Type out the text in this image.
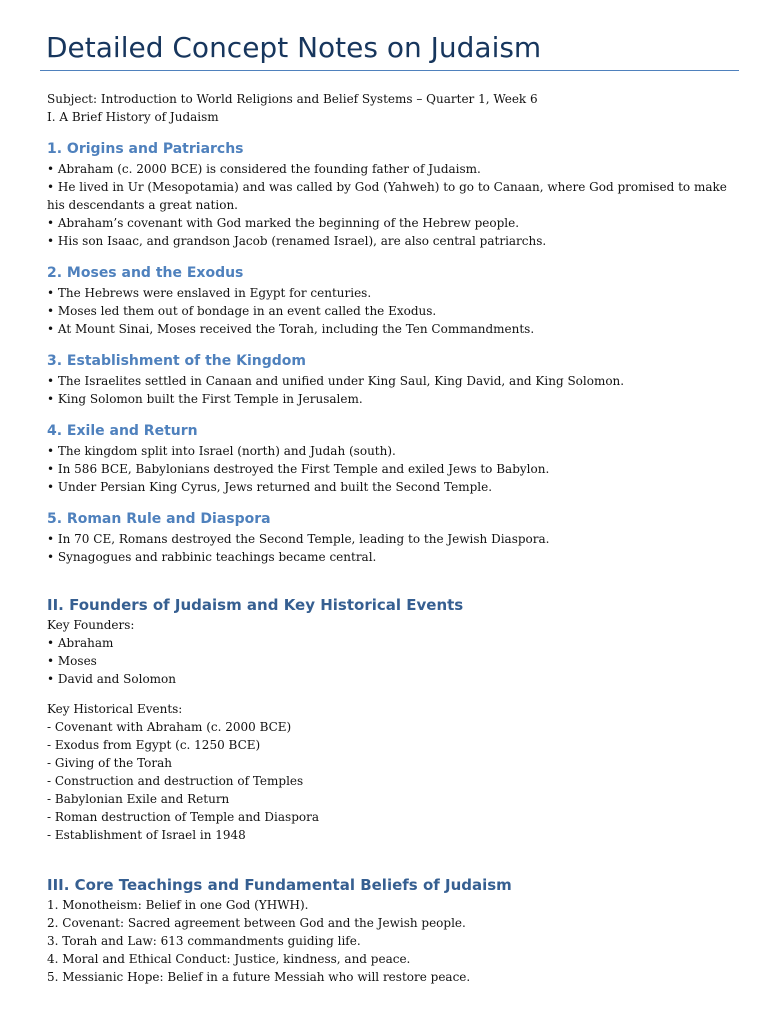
Detailed Concept Notes on Judaism

Subject: Introduction to World Religions and Belief Systems – Quarter 1, Week 6

I. A Brief History of Judaism

1. Origins and Patriarchs
• Abraham (c. 2000 BCE) is considered the founding father of Judaism.
• He lived in Ur (Mesopotamia) and was called by God (Yahweh) to go to Canaan, where God promised to make his descendants a great nation.
• Abraham’s covenant with God marked the beginning of the Hebrew people.
• His son Isaac, and grandson Jacob (renamed Israel), are also central patriarchs.
2. Moses and the Exodus
• The Hebrews were enslaved in Egypt for centuries.
• Moses led them out of bondage in an event called the Exodus.
• At Mount Sinai, Moses received the Torah, including the Ten Commandments.
3. Establishment of the Kingdom
• The Israelites settled in Canaan and unified under King Saul, King David, and King Solomon.
• King Solomon built the First Temple in Jerusalem.
4. Exile and Return
• The kingdom split into Israel (north) and Judah (south).
• In 586 BCE, Babylonians destroyed the First Temple and exiled Jews to Babylon.
• Under Persian King Cyrus, Jews returned and built the Second Temple.
5. Roman Rule and Diaspora
• In 70 CE, Romans destroyed the Second Temple, leading to the Jewish Diaspora.
• Synagogues and rabbinic teachings became central.
II. Founders of Judaism and Key Historical Events

Key Founders:

• Abraham
• Moses
• David and Solomon

Key Historical Events:

- Covenant with Abraham (c. 2000 BCE)
- Exodus from Egypt (c. 1250 BCE)
- Giving of the Torah
- Construction and destruction of Temples
- Babylonian Exile and Return
- Roman destruction of Temple and Diaspora
- Establishment of Israel in 1948
III. Core Teachings and Fundamental Beliefs of Judaism
1. Monotheism: Belief in one God (YHWH).
2. Covenant: Sacred agreement between God and the Jewish people.
3. Torah and Law: 613 commandments guiding life.
4. Moral and Ethical Conduct: Justice, kindness, and peace.
5. Messianic Hope: Belief in a future Messiah who will restore peace.
